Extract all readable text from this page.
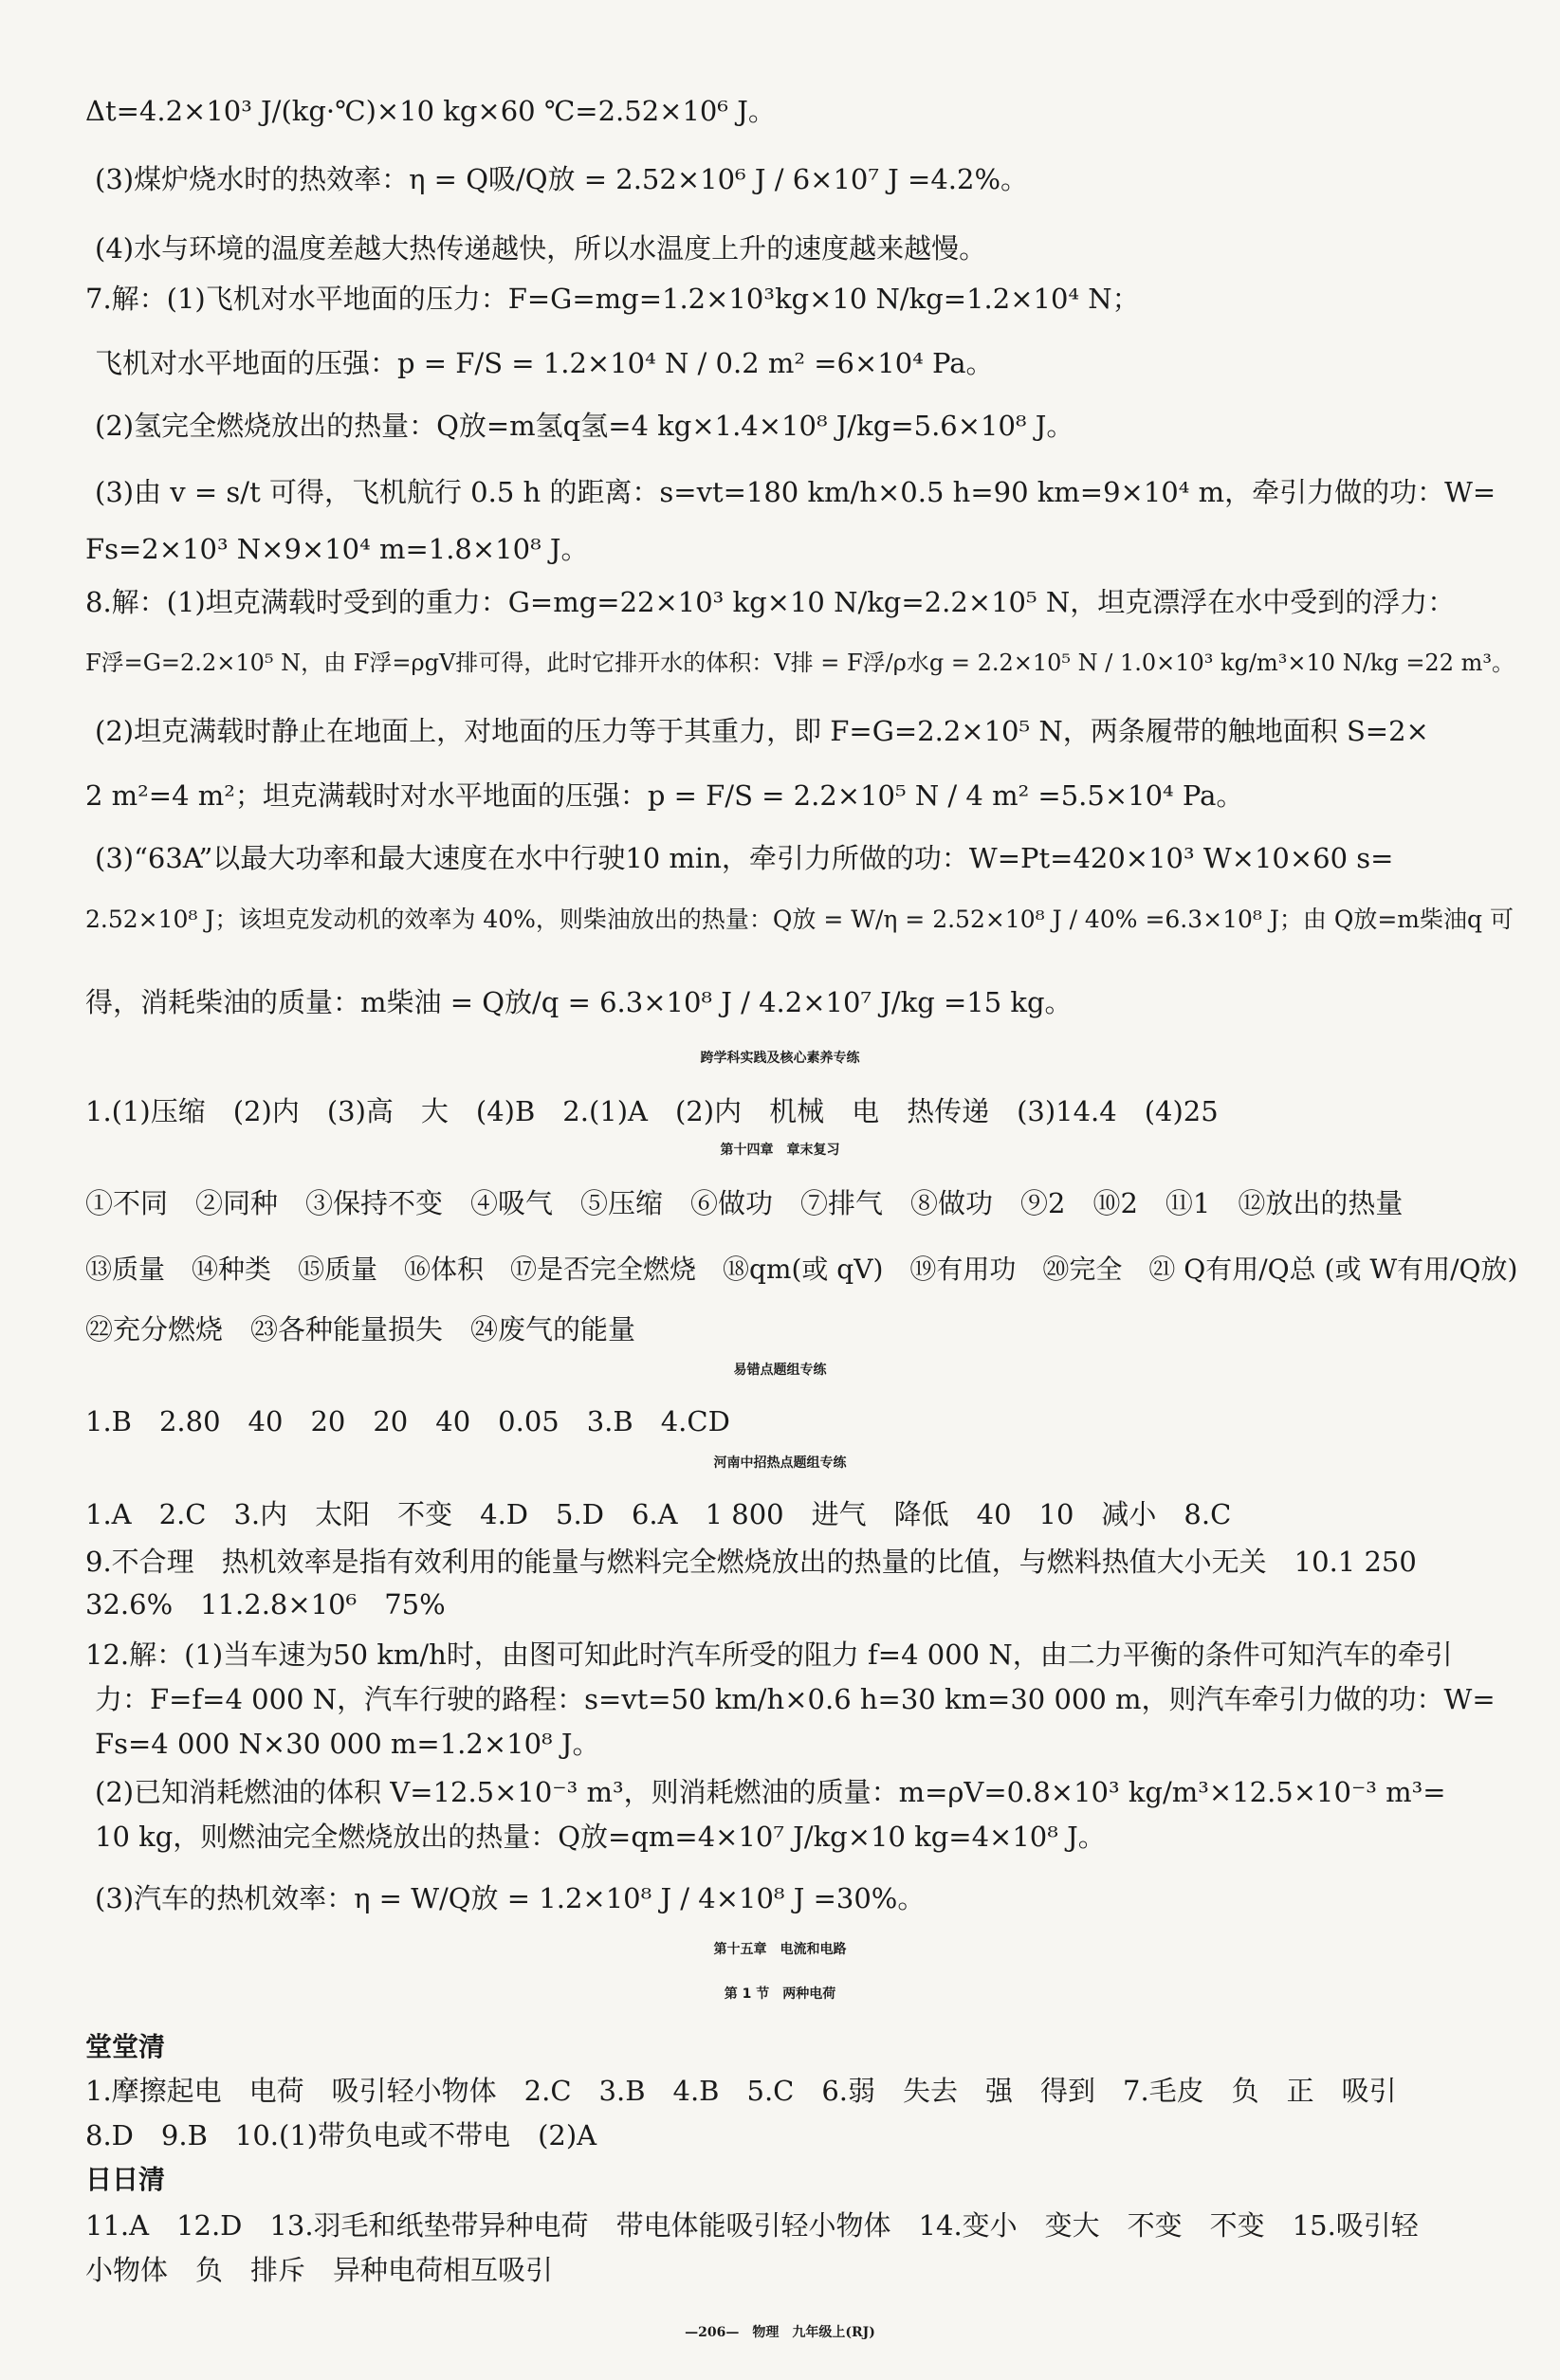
Δt=4.2×10³ J/(kg·℃)×10 kg×60 ℃=2.52×10⁶ J。
(3)煤炉烧水时的热效率：η = Q吸/Q放 = 2.52×10⁶ J / 6×10⁷ J =4.2%。
(4)水与环境的温度差越大热传递越快，所以水温度上升的速度越来越慢。
7.解：(1)飞机对水平地面的压力：F=G=mg=1.2×10³kg×10 N/kg=1.2×10⁴ N；
飞机对水平地面的压强：p = F/S = 1.2×10⁴ N / 0.2 m² =6×10⁴ Pa。
(2)氢完全燃烧放出的热量：Q放=m氢q氢=4 kg×1.4×10⁸ J/kg=5.6×10⁸ J。
(3)由 v = s/t 可得，飞机航行 0.5 h 的距离：s=vt=180 km/h×0.5 h=90 km=9×10⁴ m，牵引力做的功：W=
Fs=2×10³ N×9×10⁴ m=1.8×10⁸ J。
8.解：(1)坦克满载时受到的重力：G=mg=22×10³ kg×10 N/kg=2.2×10⁵ N，坦克漂浮在水中受到的浮力：
F浮=G=2.2×10⁵ N，由 F浮=ρgV排可得，此时它排开水的体积：V排 = F浮/ρ水g = 2.2×10⁵ N / 1.0×10³ kg/m³×10 N/kg =22 m³。
(2)坦克满载时静止在地面上，对地面的压力等于其重力，即 F=G=2.2×10⁵ N，两条履带的触地面积 S=2×
2 m²=4 m²；坦克满载时对水平地面的压强：p = F/S = 2.2×10⁵ N / 4 m² =5.5×10⁴ Pa。
(3)“63A”以最大功率和最大速度在水中行驶10 min，牵引力所做的功：W=Pt=420×10³ W×10×60 s=
2.52×10⁸ J；该坦克发动机的效率为 40%，则柴油放出的热量：Q放 = W/η = 2.52×10⁸ J / 40% =6.3×10⁸ J；由 Q放=m柴油q 可
得，消耗柴油的质量：m柴油 = Q放/q = 6.3×10⁸ J / 4.2×10⁷ J/kg =15 kg。
跨学科实践及核心素养专练
1.(1)压缩　(2)内　(3)高　大　(4)B　2.(1)A　(2)内　机械　电　热传递　(3)14.4　(4)25
第十四章　章末复习
①不同　②同种　③保持不变　④吸气　⑤压缩　⑥做功　⑦排气　⑧做功　⑨2　⑩2　⑪1　⑫放出的热量
⑬质量　⑭种类　⑮质量　⑯体积　⑰是否完全燃烧　⑱qm(或 qV)　⑲有用功　⑳完全　㉑ Q有用/Q总 (或 W有用/Q放)
㉒充分燃烧　㉓各种能量损失　㉔废气的能量
易错点题组专练
1.B　2.80　40　20　20　40　0.05　3.B　4.CD
河南中招热点题组专练
1.A　2.C　3.内　太阳　不变　4.D　5.D　6.A　1 800　进气　降低　40　10　减小　8.C
9.不合理　热机效率是指有效利用的能量与燃料完全燃烧放出的热量的比值，与燃料热值大小无关　10.1 250
32.6%　11.2.8×10⁶　75%
12.解：(1)当车速为50 km/h时，由图可知此时汽车所受的阻力 f=4 000 N，由二力平衡的条件可知汽车的牵引
力：F=f=4 000 N，汽车行驶的路程：s=vt=50 km/h×0.6 h=30 km=30 000 m，则汽车牵引力做的功：W=
Fs=4 000 N×30 000 m=1.2×10⁸ J。
(2)已知消耗燃油的体积 V=12.5×10⁻³ m³，则消耗燃油的质量：m=ρV=0.8×10³ kg/m³×12.5×10⁻³ m³=
10 kg，则燃油完全燃烧放出的热量：Q放=qm=4×10⁷ J/kg×10 kg=4×10⁸ J。
(3)汽车的热机效率：η = W/Q放 = 1.2×10⁸ J / 4×10⁸ J =30%。
第十五章　电流和电路
第 1 节　两种电荷
堂堂清
1.摩擦起电　电荷　吸引轻小物体　2.C　3.B　4.B　5.C　6.弱　失去　强　得到　7.毛皮　负　正　吸引
8.D　9.B　10.(1)带负电或不带电　(2)A
日日清
11.A　12.D　13.羽毛和纸垫带异种电荷　带电体能吸引轻小物体　14.变小　变大　不变　不变　15.吸引轻
小物体　负　排斥　异种电荷相互吸引
—206—　物理　九年级上(RJ)
